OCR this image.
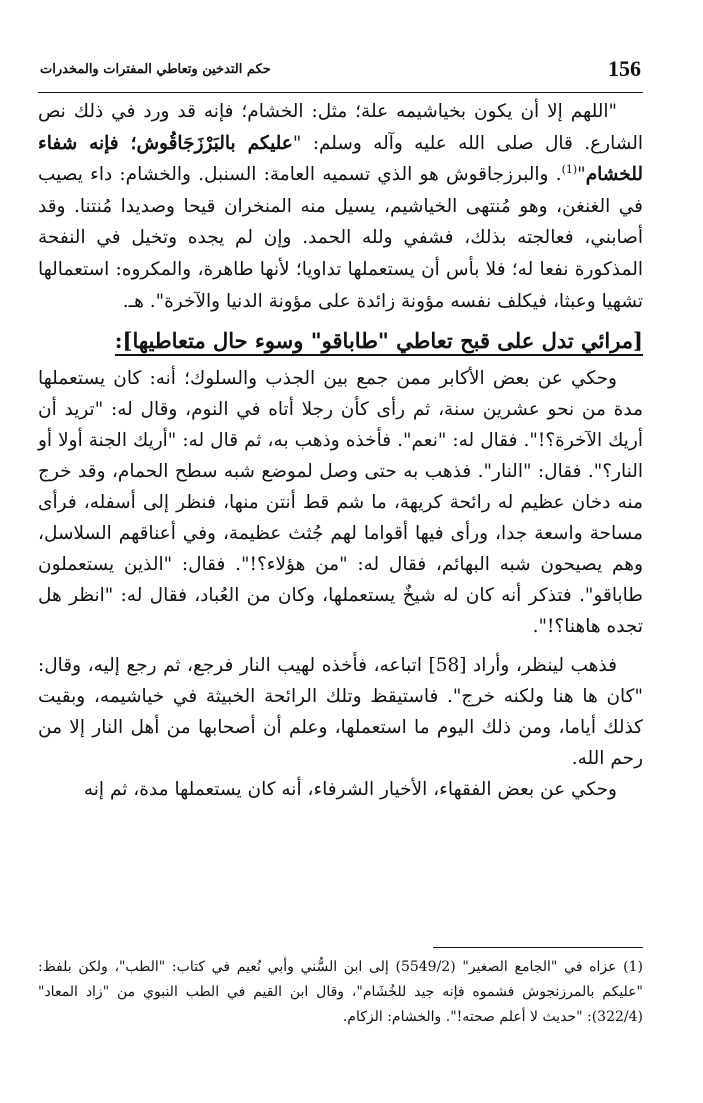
156
حكم التدخين وتعاطي المفترات والمخدرات

"اللهم إلا أن يكون بخياشيمه علة؛ مثل: الخشام؛ فإنه قد ورد في ذلك نص الشارع. قال صلى الله عليه وآله وسلم: "عليكم بالبَرْزَجَاقُوش؛ فإنه شفاء للخشام"$^{(1)}$. والبرزجاقوش هو الذي تسميه العامة: السنبل. والخشام: داء يصيب في الغنغن، وهو مُنتهى الخياشيم، يسيل منه المنخران قيحا وصديدا مُنتنا. وقد أصابني، فعالجته بذلك، فشفي ولله الحمد. وإن لم يجده وتخيل في النفحة المذكورة نفعا له؛ فلا بأس أن يستعملها تداويا؛ لأنها طاهرة، والمكروه: استعمالها تشهيا وعبثا، فيكلف نفسه مؤونة زائدة على مؤونة الدنيا والآخرة". هـ.

[مرائي تدل على قبح تعاطي "طاباقو" وسوء حال متعاطيها]:

وحكي عن بعض الأكابر ممن جمع بين الجذب والسلوك؛ أنه: كان يستعملها مدة من نحو عشرين سنة، ثم رأى كأن رجلا أتاه في النوم، وقال له: "تريد أن أريك الآخرة؟!". فقال له: "نعم". فأخذه وذهب به، ثم قال له: "أريك الجنة أولا أو النار؟". فقال: "النار". فذهب به حتى وصل لموضع شبه سطح الحمام، وقد خرج منه دخان عظيم له رائحة كريهة، ما شم قط أنتن منها، فنظر إلى أسفله، فرأى مساحة واسعة جدا، ورأى فيها أقواما لهم جُثث عظيمة، وفي أعناقهم السلاسل، وهم يصيحون شبه البهائم، فقال له: "من هؤلاء؟!". فقال: "الذين يستعملون طاباقو". فتذكر أنه كان له شيخٌ يستعملها، وكان من العُباد، فقال له: "انظر هل تجده هاهنا؟!".

فذهب لينظر، وأراد [58] اتباعه، فأخذه لهيب النار فرجع، ثم رجع إليه، وقال: "كان ها هنا ولكنه خرج". فاستيقظ وتلك الرائحة الخبيثة في خياشيمه، وبقيت كذلك أياما، ومن ذلك اليوم ما استعملها، وعلم أن أصحابها من أهل النار إلا من رحم الله.

وحكي عن بعض الفقهاء، الأخيار الشرفاء، أنه كان يستعملها مدة، ثم إنه

(1) عزاه في "الجامع الصغير" (5549/2) إلى ابن السُّني وأبي نُعيم في كتاب: "الطب"، ولكن بلفظ: "عليكم بالمرزنجوش فشموه فإنه جيد للخُشَام"، وقال ابن القيم في الطب النبوي من "زاد المعاد" (322/4): "حديث لا أعلم صحته!". والخشام: الزكام.
